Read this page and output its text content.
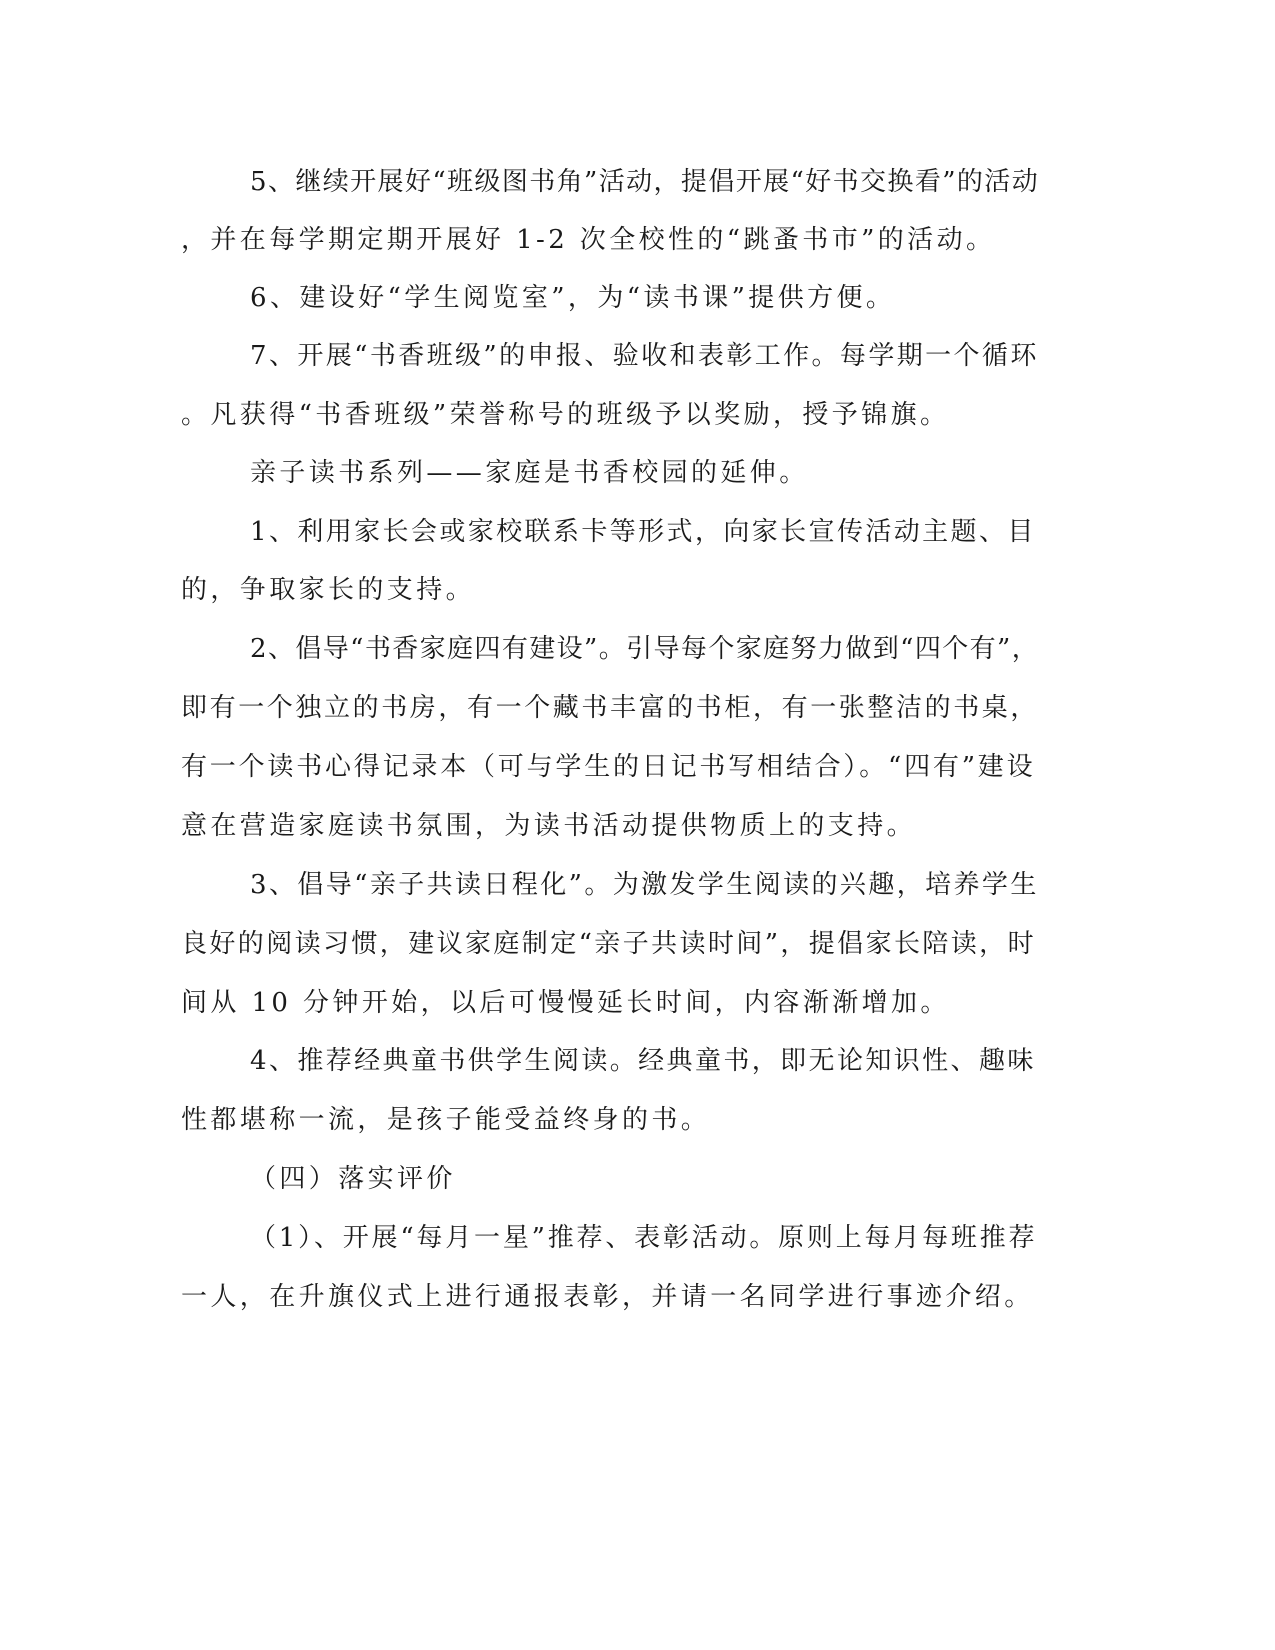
5、继续开展好“班级图书角”活动，提倡开展“好书交换看”的活动
，并在每学期定期开展好 1-2 次全校性的“跳蚤书市”的活动。
6、建设好“学生阅览室”，为“读书课”提供方便。
7、开展“书香班级”的申报、验收和表彰工作。每学期一个循环
。凡获得“书香班级”荣誉称号的班级予以奖励，授予锦旗。
亲子读书系列——家庭是书香校园的延伸。
1、利用家长会或家校联系卡等形式，向家长宣传活动主题、目
的，争取家长的支持。
2、倡导“书香家庭四有建设”。引导每个家庭努力做到“四个有”，
即有一个独立的书房，有一个藏书丰富的书柜，有一张整洁的书桌，
有一个读书心得记录本（可与学生的日记书写相结合）。“四有”建设
意在营造家庭读书氛围，为读书活动提供物质上的支持。
3、倡导“亲子共读日程化”。为激发学生阅读的兴趣，培养学生
良好的阅读习惯，建议家庭制定“亲子共读时间”，提倡家长陪读，时
间从 10 分钟开始，以后可慢慢延长时间，内容渐渐增加。
4、推荐经典童书供学生阅读。经典童书，即无论知识性、趣味
性都堪称一流，是孩子能受益终身的书。
（四）落实评价
（1）、开展“每月一星”推荐、表彰活动。原则上每月每班推荐
一人，在升旗仪式上进行通报表彰，并请一名同学进行事迹介绍。
